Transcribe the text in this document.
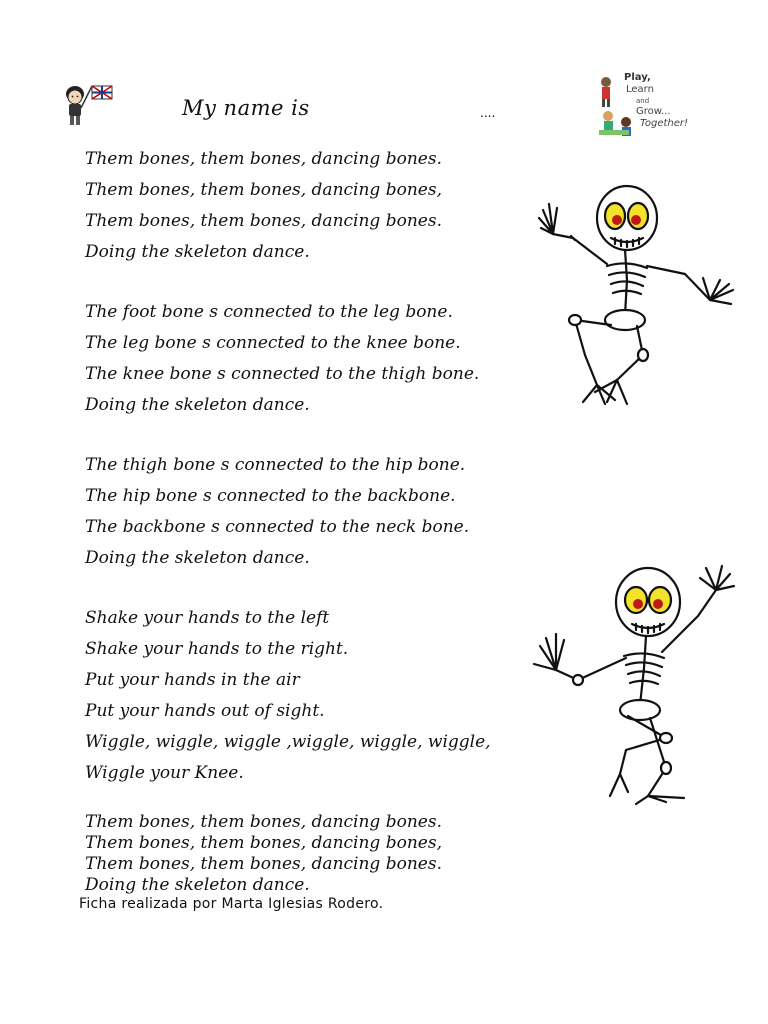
My name is	....
Play,
Learn
and
Grow...
Together!
Them bones, them bones, dancing bones.
Them bones, them bones, dancing bones,
Them bones, them bones, dancing bones.
Doing the skeleton dance.
The foot bone s connected to the leg bone.
The leg bone s connected to the knee bone.
The knee bone s connected to the thigh bone.
Doing the skeleton dance.
The thigh bone s connected to the hip bone.
The hip bone s connected to the backbone.
The backbone s connected to the neck bone.
Doing the skeleton dance.
Shake your hands to the left
Shake your hands to the right.
Put your hands in the air
Put your hands out of sight.
Wiggle, wiggle, wiggle ,wiggle, wiggle, wiggle,
Wiggle your Knee.
Them bones, them bones, dancing bones.
Them bones, them bones, dancing bones,
Them bones, them bones, dancing bones.
Doing the skeleton dance.
Ficha realizada por Marta Iglesias Rodero.
